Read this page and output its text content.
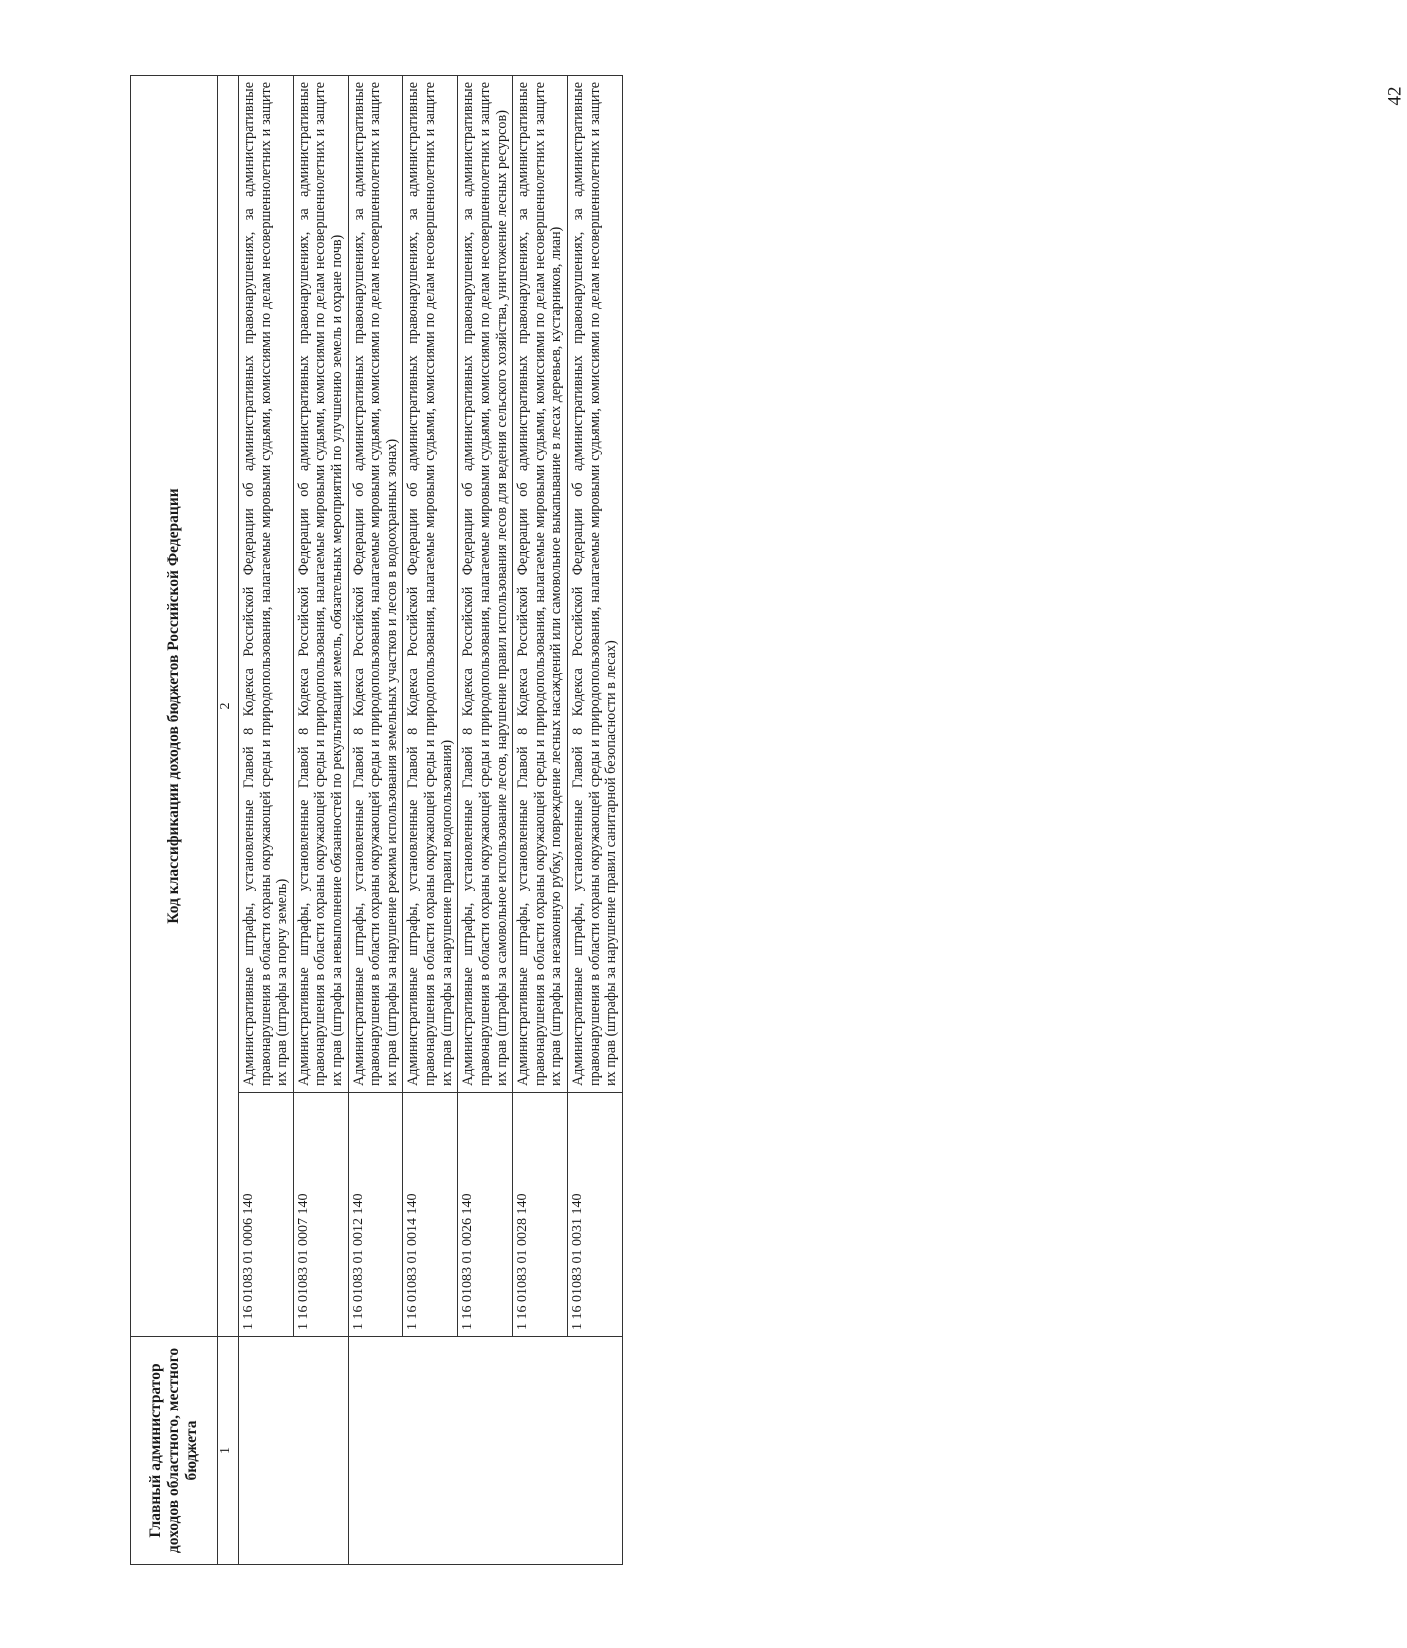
42
Главный администратор доходов областного, местного бюджета	Код классификации доходов бюджетов Российской Федерации	
1	2	
	1 16 01083 01 0006 140	Административные штрафы, установленные Главой 8 Кодекса Российской Федерации об административных правонарушениях, за административные правонарушения в области охраны окружающей среды и природопользования, налагаемые мировыми судьями, комиссиями по делам несовершеннолетних и защите их прав (штрафы за порчу земель)
	1 16 01083 01 0007 140	Административные штрафы, установленные Главой 8 Кодекса Российской Федерации об административных правонарушениях, за административные правонарушения в области охраны окружающей среды и природопользования, налагаемые мировыми судьями, комиссиями по делам несовершеннолетних и защите их прав (штрафы за невыполнение обязанностей по рекультивации земель, обязательных мероприятий по улучшению земель и охране почв)
	1 16 01083 01 0012 140	Административные штрафы, установленные Главой 8 Кодекса Российской Федерации об административных правонарушениях, за административные правонарушения в области охраны окружающей среды и природопользования, налагаемые мировыми судьями, комиссиями по делам несовершеннолетних и защите их прав (штрафы за нарушение режима использования земельных участков и лесов в водоохранных зонах)
	1 16 01083 01 0014 140	Административные штрафы, установленные Главой 8 Кодекса Российской Федерации об административных правонарушениях, за административные правонарушения в области охраны окружающей среды и природопользования, налагаемые мировыми судьями, комиссиями по делам несовершеннолетних и защите их прав (штрафы за нарушение правил водопользования)
	1 16 01083 01 0026 140	Административные штрафы, установленные Главой 8 Кодекса Российской Федерации об административных правонарушениях, за административные правонарушения в области охраны окружающей среды и природопользования, налагаемые мировыми судьями, комиссиями по делам несовершеннолетних и защите их прав (штрафы за самовольное использование лесов, нарушение правил использования лесов для ведения сельского хозяйства, уничтожение лесных ресурсов)
	1 16 01083 01 0028 140	Административные штрафы, установленные Главой 8 Кодекса Российской Федерации об административных правонарушениях, за административные правонарушения в области охраны окружающей среды и природопользования, налагаемые мировыми судьями, комиссиями по делам несовершеннолетних и защите их прав (штрафы за незаконную рубку, повреждение лесных насаждений или самовольное выкапывание в лесах деревьев, кустарников, лиан)
	1 16 01083 01 0031 140	Административные штрафы, установленные Главой 8 Кодекса Российской Федерации об административных правонарушениях, за административные правонарушения в области охраны окружающей среды и природопользования, налагаемые мировыми судьями, комиссиями по делам несовершеннолетних и защите их прав (штрафы за нарушение правил санитарной безопасности в лесах)
